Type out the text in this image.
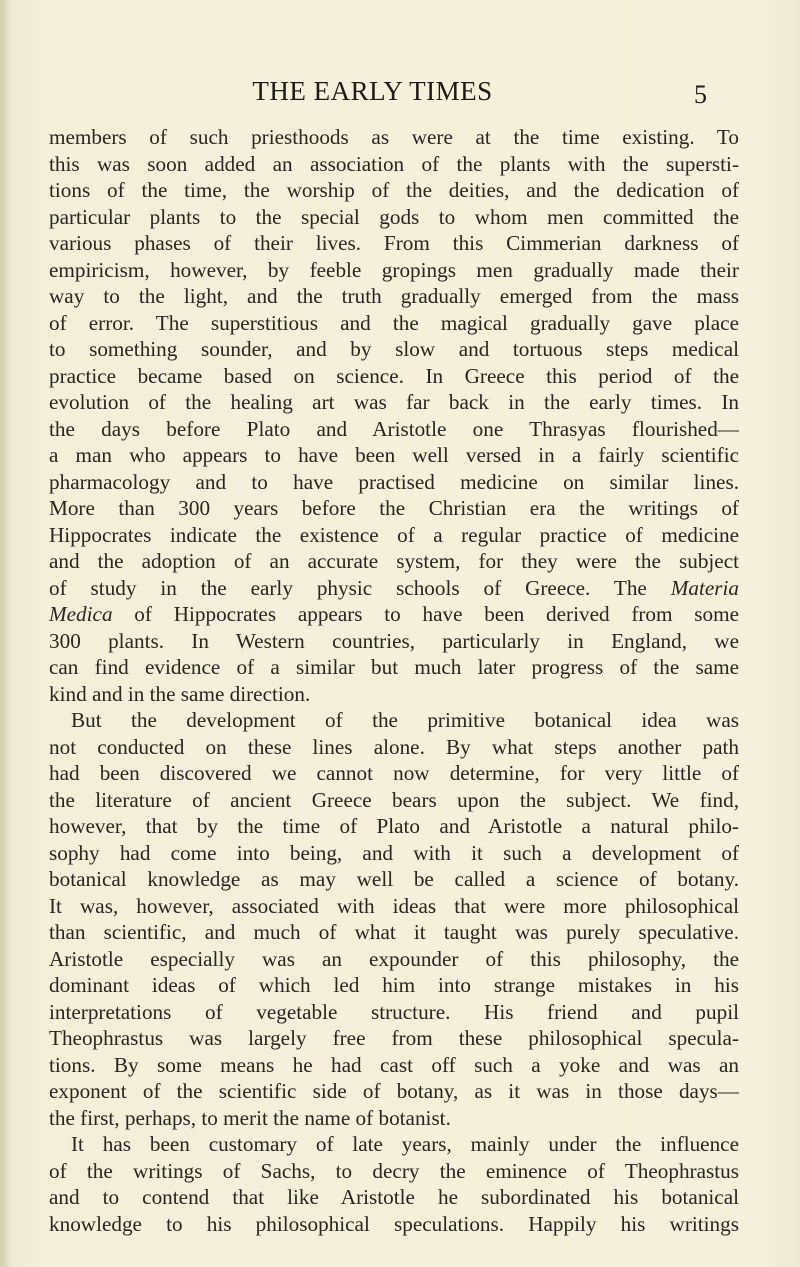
THE EARLY TIMES	5
members of such priesthoods as were at the time existing. To
this was soon added an association of the plants with the supersti-
tions of the time, the worship of the deities, and the dedication of
particular plants to the special gods to whom men committed the
various phases of their lives. From this Cimmerian darkness of
empiricism, however, by feeble gropings men gradually made their
way to the light, and the truth gradually emerged from the mass
of error. The superstitious and the magical gradually gave place
to something sounder, and by slow and tortuous steps medical
practice became based on science. In Greece this period of the
evolution of the healing art was far back in the early times. In
the days before Plato and Aristotle one Thrasyas flourished—
a man who appears to have been well versed in a fairly scientific
pharmacology and to have practised medicine on similar lines.
More than 300 years before the Christian era the writings of
Hippocrates indicate the existence of a regular practice of medicine
and the adoption of an accurate system, for they were the subject
of study in the early physic schools of Greece. The Materia
Medica of Hippocrates appears to have been derived from some
300 plants. In Western countries, particularly in England, we
can find evidence of a similar but much later progress of the same
kind and in the same direction.
But the development of the primitive botanical idea was
not conducted on these lines alone. By what steps another path
had been discovered we cannot now determine, for very little of
the literature of ancient Greece bears upon the subject. We find,
however, that by the time of Plato and Aristotle a natural philo-
sophy had come into being, and with it such a development of
botanical knowledge as may well be called a science of botany.
It was, however, associated with ideas that were more philosophical
than scientific, and much of what it taught was purely speculative.
Aristotle especially was an expounder of this philosophy, the
dominant ideas of which led him into strange mistakes in his
interpretations of vegetable structure. His friend and pupil
Theophrastus was largely free from these philosophical specula-
tions. By some means he had cast off such a yoke and was an
exponent of the scientific side of botany, as it was in those days—
the first, perhaps, to merit the name of botanist.
It has been customary of late years, mainly under the influence
of the writings of Sachs, to decry the eminence of Theophrastus
and to contend that like Aristotle he subordinated his botanical
knowledge to his philosophical speculations. Happily his writings
